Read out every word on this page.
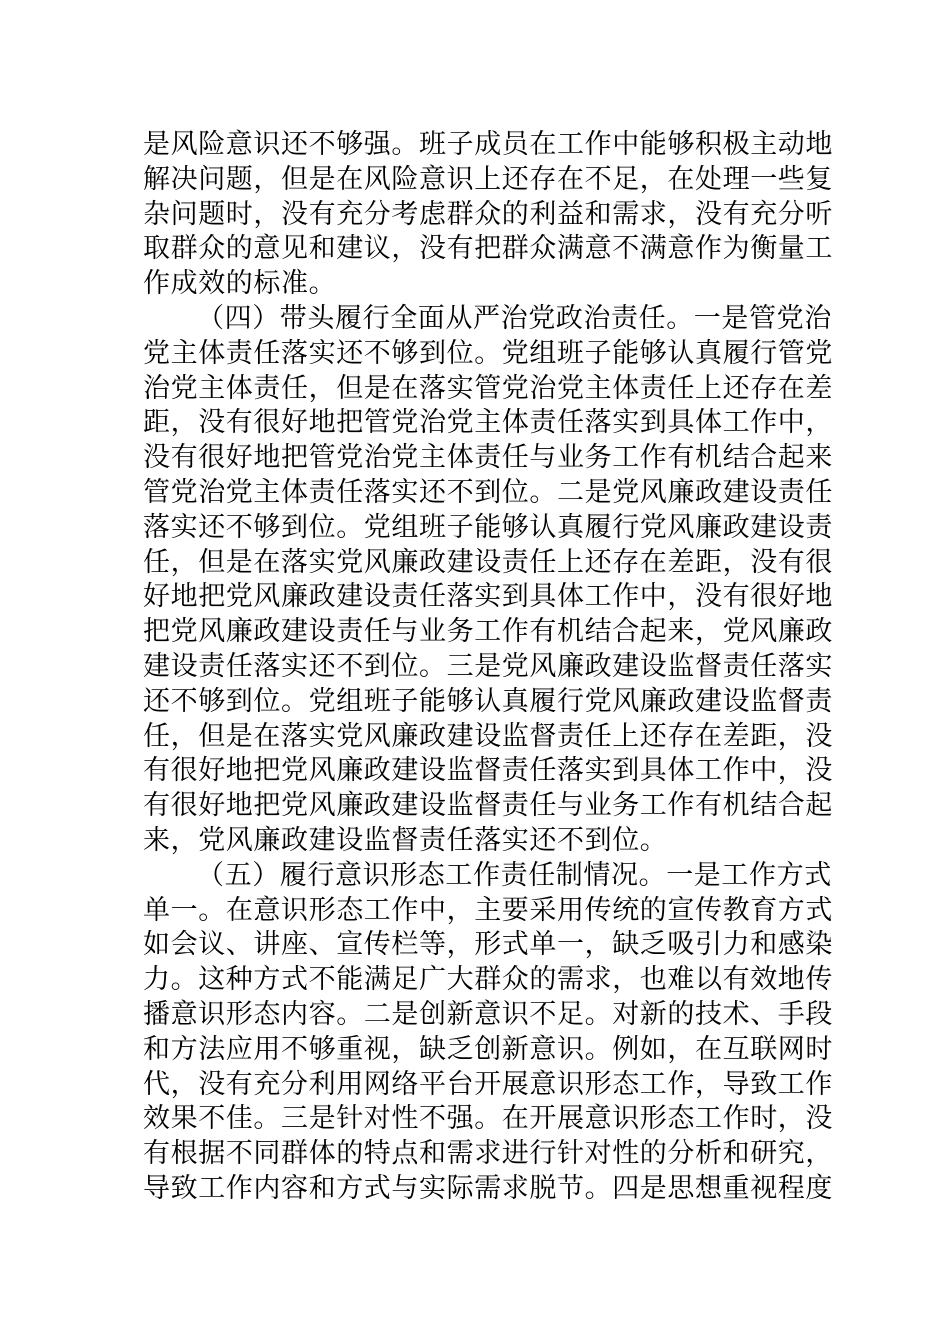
是风险意识还不够强。班子成员在工作中能够积极主动地
解决问题，但是在风险意识上还存在不足，在处理一些复
杂问题时，没有充分考虑群众的利益和需求，没有充分听
取群众的意见和建议，没有把群众满意不满意作为衡量工
作成效的标准。
（四）带头履行全面从严治党政治责任。一是管党治
党主体责任落实还不够到位。党组班子能够认真履行管党
治党主体责任，但是在落实管党治党主体责任上还存在差
距，没有很好地把管党治党主体责任落实到具体工作中，
没有很好地把管党治党主体责任与业务工作有机结合起来
管党治党主体责任落实还不到位。二是党风廉政建设责任
落实还不够到位。党组班子能够认真履行党风廉政建设责
任，但是在落实党风廉政建设责任上还存在差距，没有很
好地把党风廉政建设责任落实到具体工作中，没有很好地
把党风廉政建设责任与业务工作有机结合起来，党风廉政
建设责任落实还不到位。三是党风廉政建设监督责任落实
还不够到位。党组班子能够认真履行党风廉政建设监督责
任，但是在落实党风廉政建设监督责任上还存在差距，没
有很好地把党风廉政建设监督责任落实到具体工作中，没
有很好地把党风廉政建设监督责任与业务工作有机结合起
来，党风廉政建设监督责任落实还不到位。
（五）履行意识形态工作责任制情况。一是工作方式
单一。在意识形态工作中，主要采用传统的宣传教育方式
如会议、讲座、宣传栏等，形式单一，缺乏吸引力和感染
力。这种方式不能满足广大群众的需求，也难以有效地传
播意识形态内容。二是创新意识不足。对新的技术、手段
和方法应用不够重视，缺乏创新意识。例如，在互联网时
代，没有充分利用网络平台开展意识形态工作，导致工作
效果不佳。三是针对性不强。在开展意识形态工作时，没
有根据不同群体的特点和需求进行针对性的分析和研究，
导致工作内容和方式与实际需求脱节。四是思想重视程度
